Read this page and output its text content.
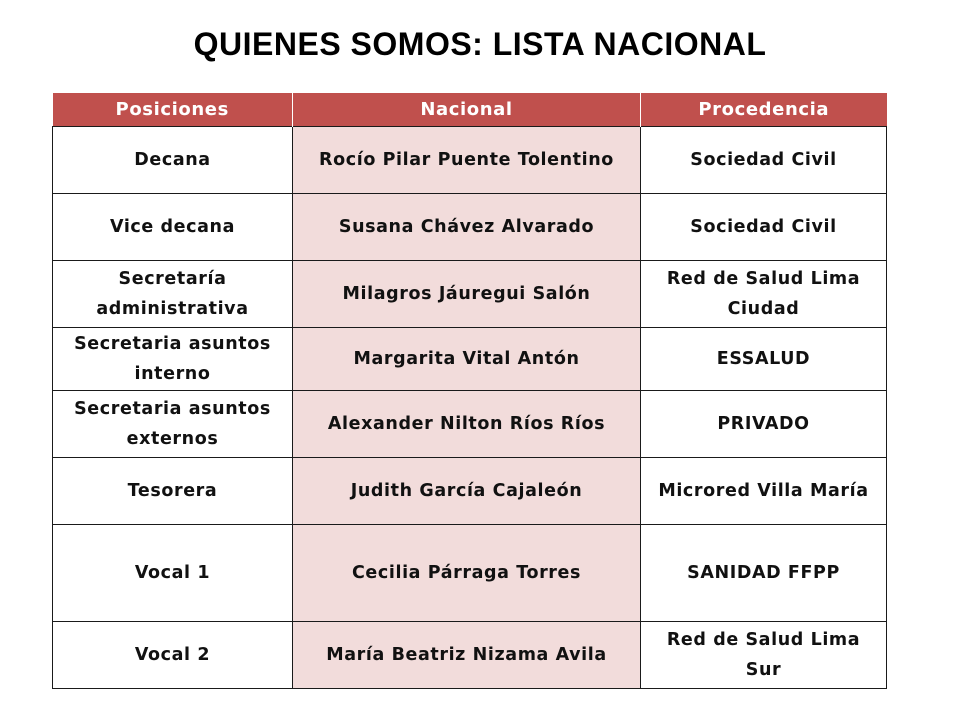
QUIENES SOMOS: LISTA NACIONAL
Posiciones	Nacional	Procedencia
Decana	Rocío Pilar Puente Tolentino	Sociedad Civil
Vice decana	Susana Chávez Alvarado	Sociedad Civil
Secretaría administrativa	Milagros Jáuregui Salón	Red de Salud Lima Ciudad
Secretaria asuntos interno	Margarita Vital Antón	ESSALUD
Secretaria asuntos externos	Alexander Nilton Ríos Ríos	PRIVADO
Tesorera	Judith García Cajaleón	Microred Villa María
Vocal 1	Cecilia Párraga Torres	SANIDAD FFPP
Vocal 2	María Beatriz Nizama Avila	Red de Salud Lima Sur
